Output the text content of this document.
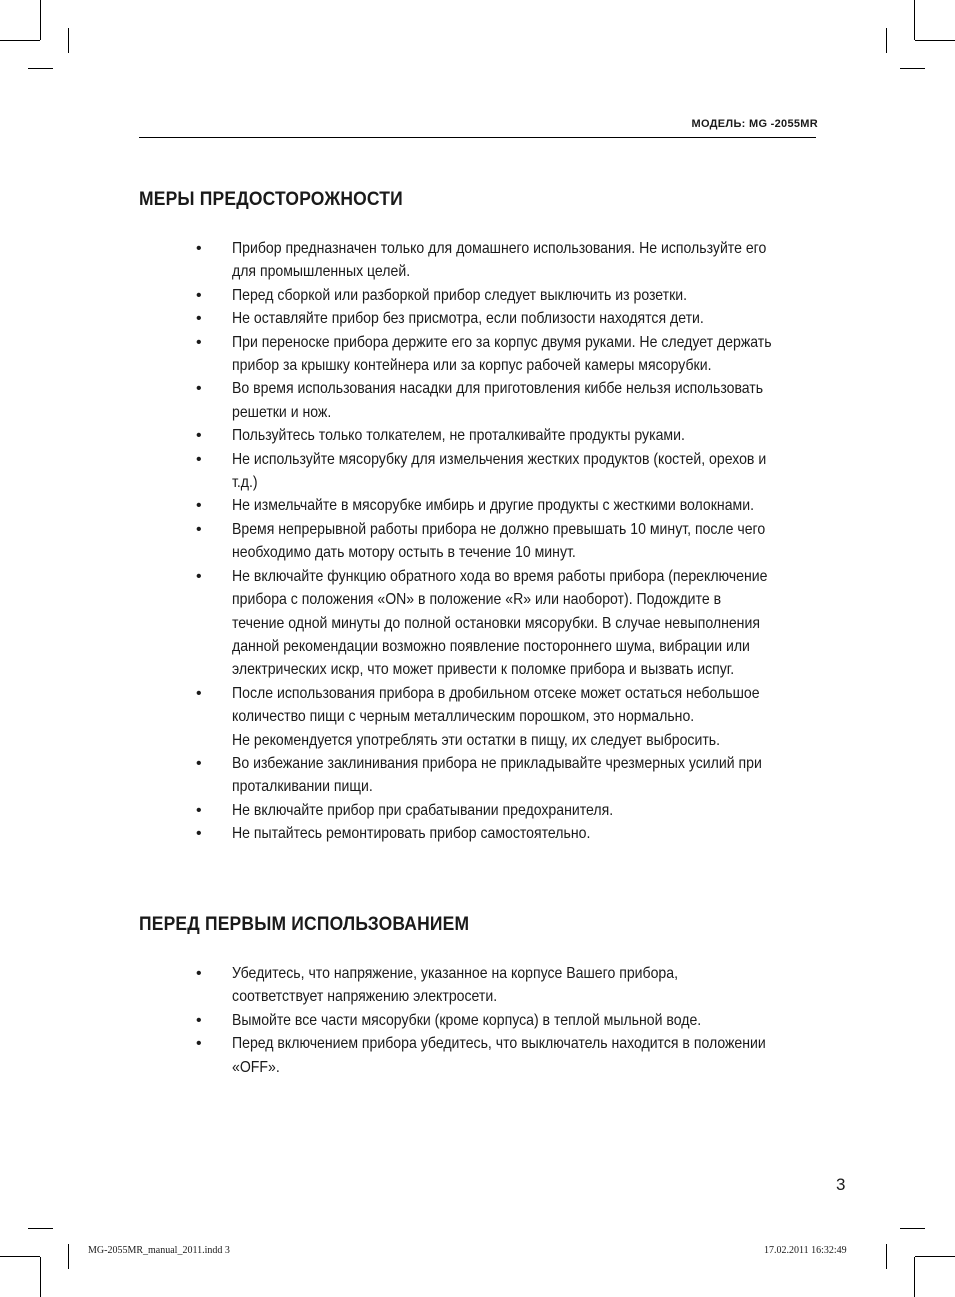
МОДЕЛЬ: MG -2055MR
МЕРЫ ПРЕДОСТОРОЖНОСТИ
• Прибор предназначен только для домашнего использования. Не используйте его
для промышленных целей.
• Перед сборкой или разборкой прибор следует выключить из розетки.
• Не оставляйте прибор без присмотра, если поблизости находятся дети.
• При переноске прибора держите его за корпус двумя руками. Не следует держать
прибор за крышку контейнера или за корпус рабочей камеры мясорубки.
• Во время использования насадки для приготовления киббе нельзя использовать
решетки и нож.
• Пользуйтесь только толкателем, не проталкивайте продукты руками.
• Не используйте мясорубку для измельчения жестких продуктов (костей, орехов и
т.д.)
• Не измельчайте в мясорубке имбирь и другие продукты с жесткими волокнами.
• Время непрерывной работы прибора не должно превышать 10 минут, после чего
необходимо дать мотору остыть в течение 10 минут.
• Не включайте функцию обратного хода во время работы прибора (переключение
прибора с положения «ON» в положение «R» или наоборот). Подождите в
течение одной минуты до полной остановки мясорубки. В случае невыполнения
данной рекомендации возможно появление постороннего шума, вибрации или
электрических искр, что может привести к поломке прибора и вызвать испуг.
• После использования прибора в дробильном отсеке может остаться небольшое
количество пищи с черным металлическим порошком, это нормально.
Не рекомендуется употреблять эти остатки в пищу, их следует выбросить.
• Во избежание заклинивания прибора не прикладывайте чрезмерных усилий при
проталкивании пищи.
• Не включайте прибор при срабатывании предохранителя.
• Не пытайтесь ремонтировать прибор самостоятельно.
ПЕРЕД ПЕРВЫМ ИСПОЛЬЗОВАНИЕМ
• Убедитесь, что напряжение, указанное на корпусе Вашего прибора,
соответствует напряжению электросети.
• Вымойте все части мясорубки (кроме корпуса) в теплой мыльной воде.
• Перед включением прибора убедитесь, что выключатель находится в положении
«OFF».
3
MG-2055MR_manual_2011.indd 3	17.02.2011 16:32:49
